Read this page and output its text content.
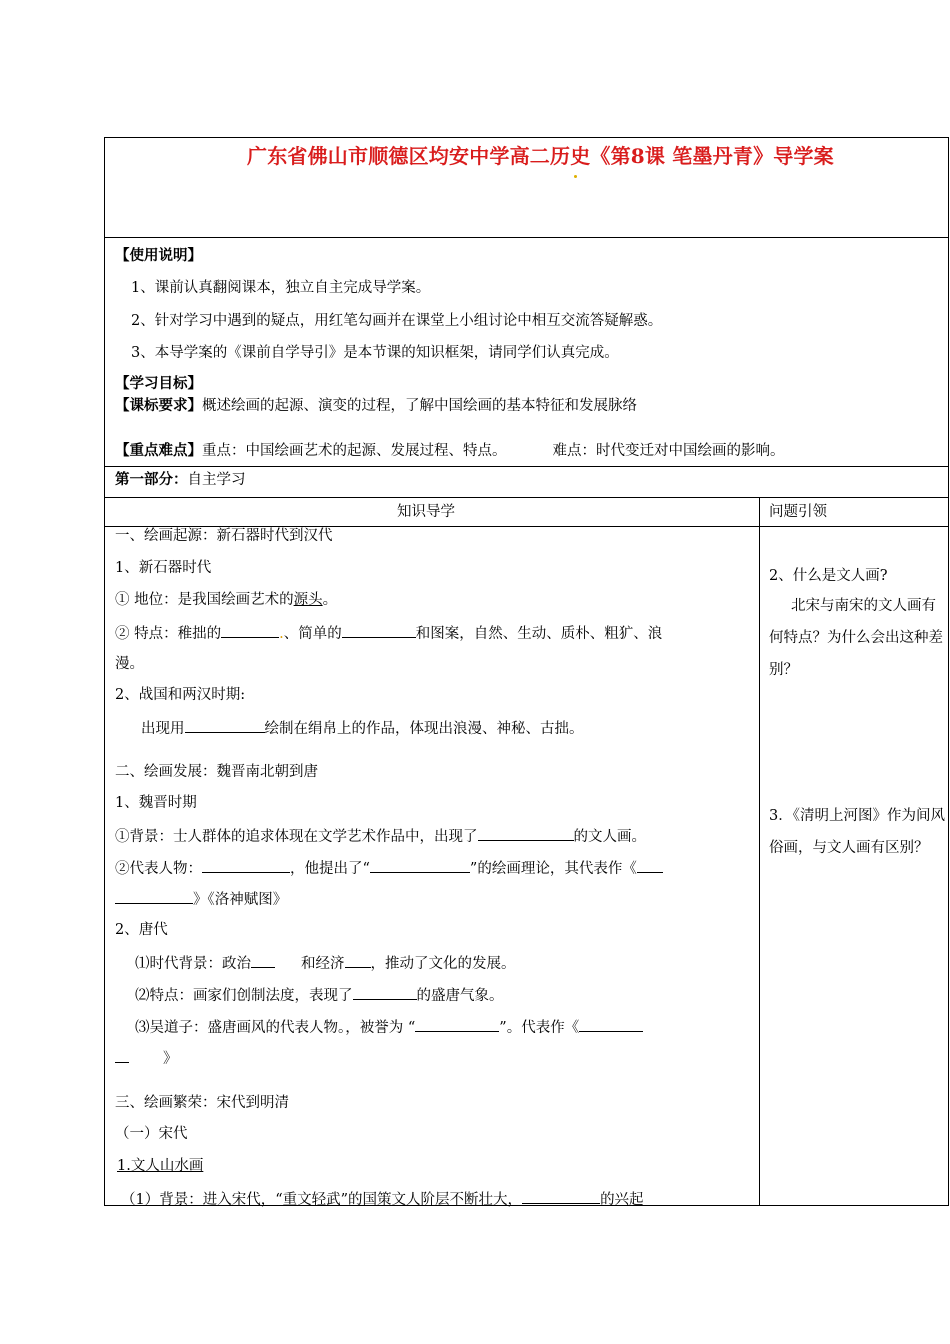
广东省佛山市顺德区均安中学高二历史《第8课 笔墨丹青》导学案
【使用说明】
1、课前认真翻阅课本，独立自主完成导学案。
2、针对学习中遇到的疑点，用红笔勾画并在课堂上小组讨论中相互交流答疑解惑。
3、本导学案的《课前自学导引》是本节课的知识框架，请同学们认真完成。
【学习目标】
【课标要求】概述绘画的起源、演变的过程，了解中国绘画的基本特征和发展脉络
【重点难点】重点：中国绘画艺术的起源、发展过程、特点。	难点：时代变迁对中国绘画的影响。
第一部分：自主学习
知识导学	问题引领
一、绘画起源：新石器时代到汉代
1、新石器时代
① 地位：是我国绘画艺术的源头。
② 特点：稚拙的	.、简单的	和图案，自然、生动、质朴、粗犷、浪
漫。
2、战国和两汉时期:
出现用	绘制在绢帛上的作品，体现出浪漫、神秘、古拙。
二、绘画发展：魏晋南北朝到唐
1、魏晋时期
①背景：士人群体的追求体现在文学艺术作品中，出现了	的文人画。
②代表人物：	，他提出了“	”的绘画理论，其代表作《
》《洛神赋图》
2、唐代
⑴时代背景：政治	和经济 ，推动了文化的发展。
⑵特点：画家们创制法度，表现了	的盛唐气象。
⑶吴道子：盛唐画风的代表人物。，被誉为 “	”。代表作《
》
三、绘画繁荣：宋代到明清
（一）宋代
1.文人山水画
（1）背景：进入宋代，“重文轻武”的国策文人阶层不断壮大，	的兴起
2、什么是文人画?
北宋与南宋的文人画有何特点？为什么会出这种差别？
3．《清明上河图》作为间风俗画，与文人画有区别？
